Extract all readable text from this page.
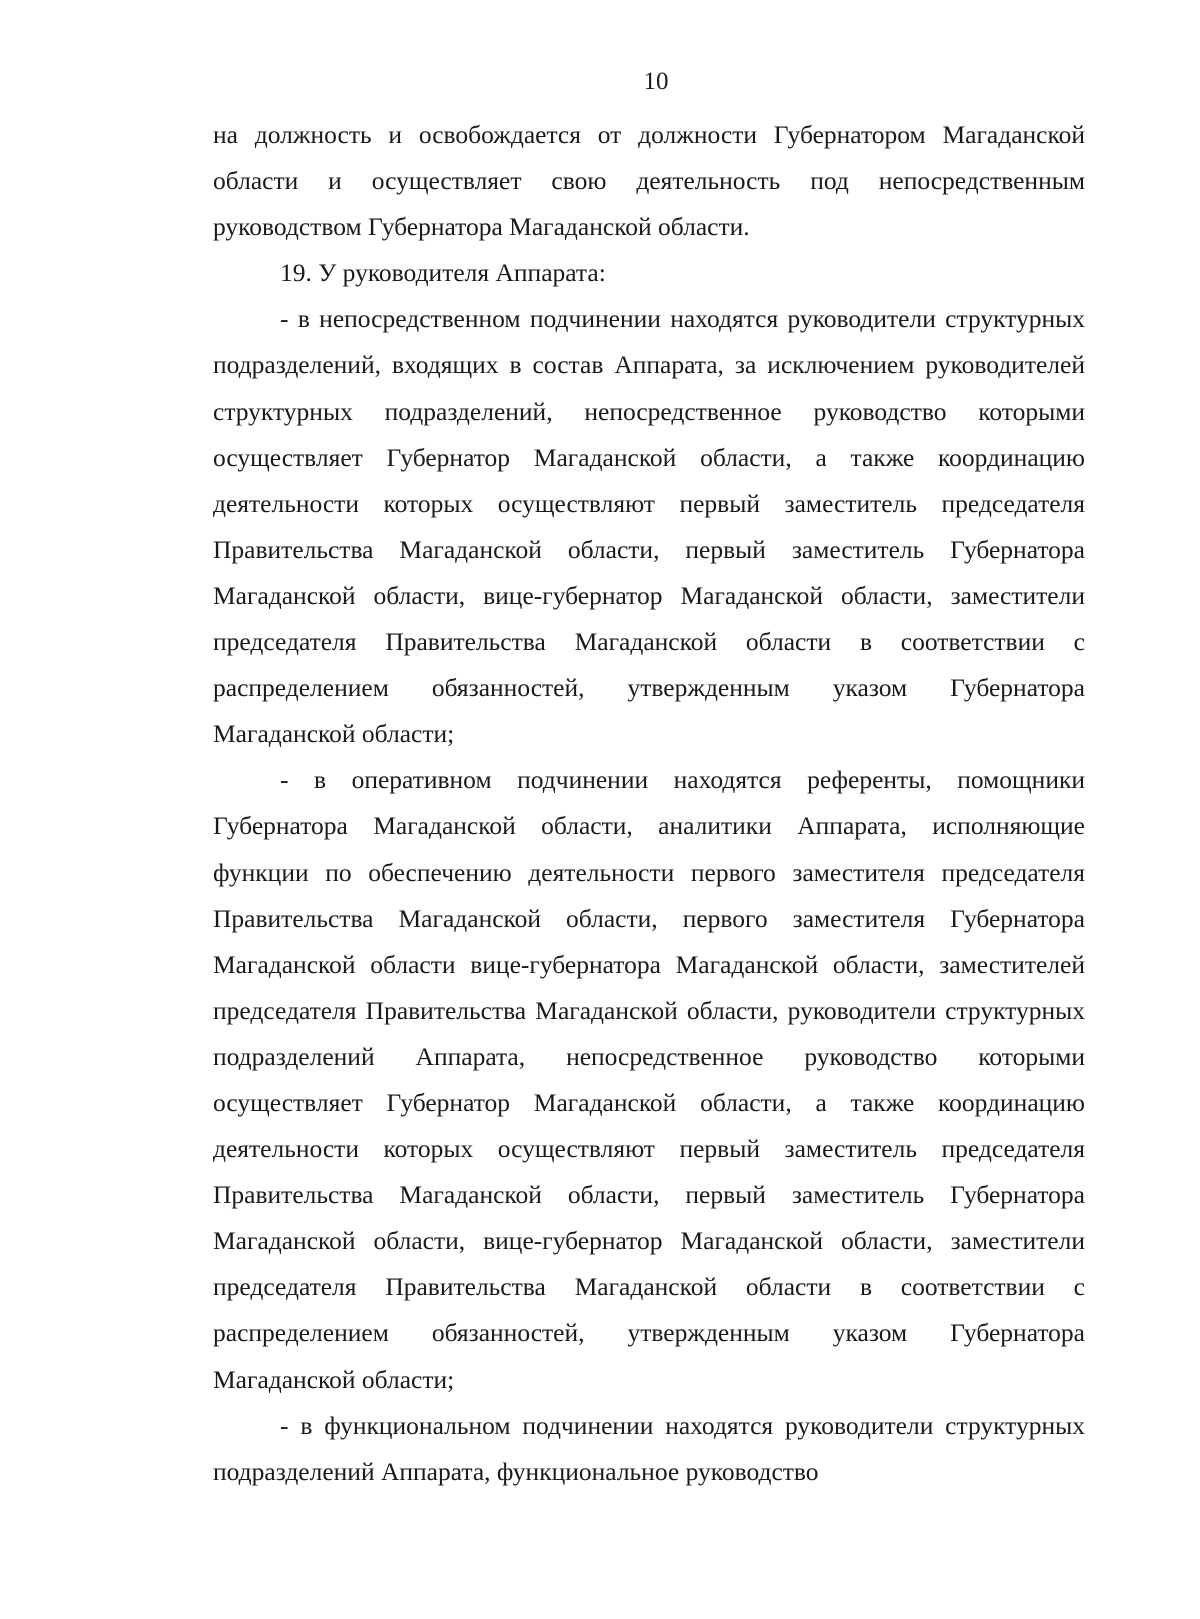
10

на должность и освобождается от должности Губернатором Магаданской области и осуществляет свою деятельность под непосредственным руководством Губернатора Магаданской области.

19. У руководителя Аппарата:

- в непосредственном подчинении находятся руководители структурных подразделений, входящих в состав Аппарата, за исключением руководителей структурных подразделений, непосредственное руководство которыми осуществляет Губернатор Магаданской области, а также координацию деятельности которых осуществляют первый заместитель председателя Правительства Магаданской области, первый заместитель Губернатора Магаданской области, вице-губернатор Магаданской области, заместители председателя Правительства Магаданской области в соответствии с распределением обязанностей, утвержденным указом Губернатора Магаданской области;

- в оперативном подчинении находятся референты, помощники Губернатора Магаданской области, аналитики Аппарата, исполняющие функции по обеспечению деятельности первого заместителя председателя Правительства Магаданской области, первого заместителя Губернатора Магаданской области вице-губернатора Магаданской области, заместителей председателя Правительства Магаданской области, руководители структурных подразделений Аппарата, непосредственное руководство которыми осуществляет Губернатор Магаданской области, а также координацию деятельности которых осуществляют первый заместитель председателя Правительства Магаданской области, первый заместитель Губернатора Магаданской области, вице-губернатор Магаданской области, заместители председателя Правительства Магаданской области в соответствии с распределением обязанностей, утвержденным указом Губернатора Магаданской области;

- в функциональном подчинении находятся руководители структурных подразделений Аппарата, функциональное руководство
